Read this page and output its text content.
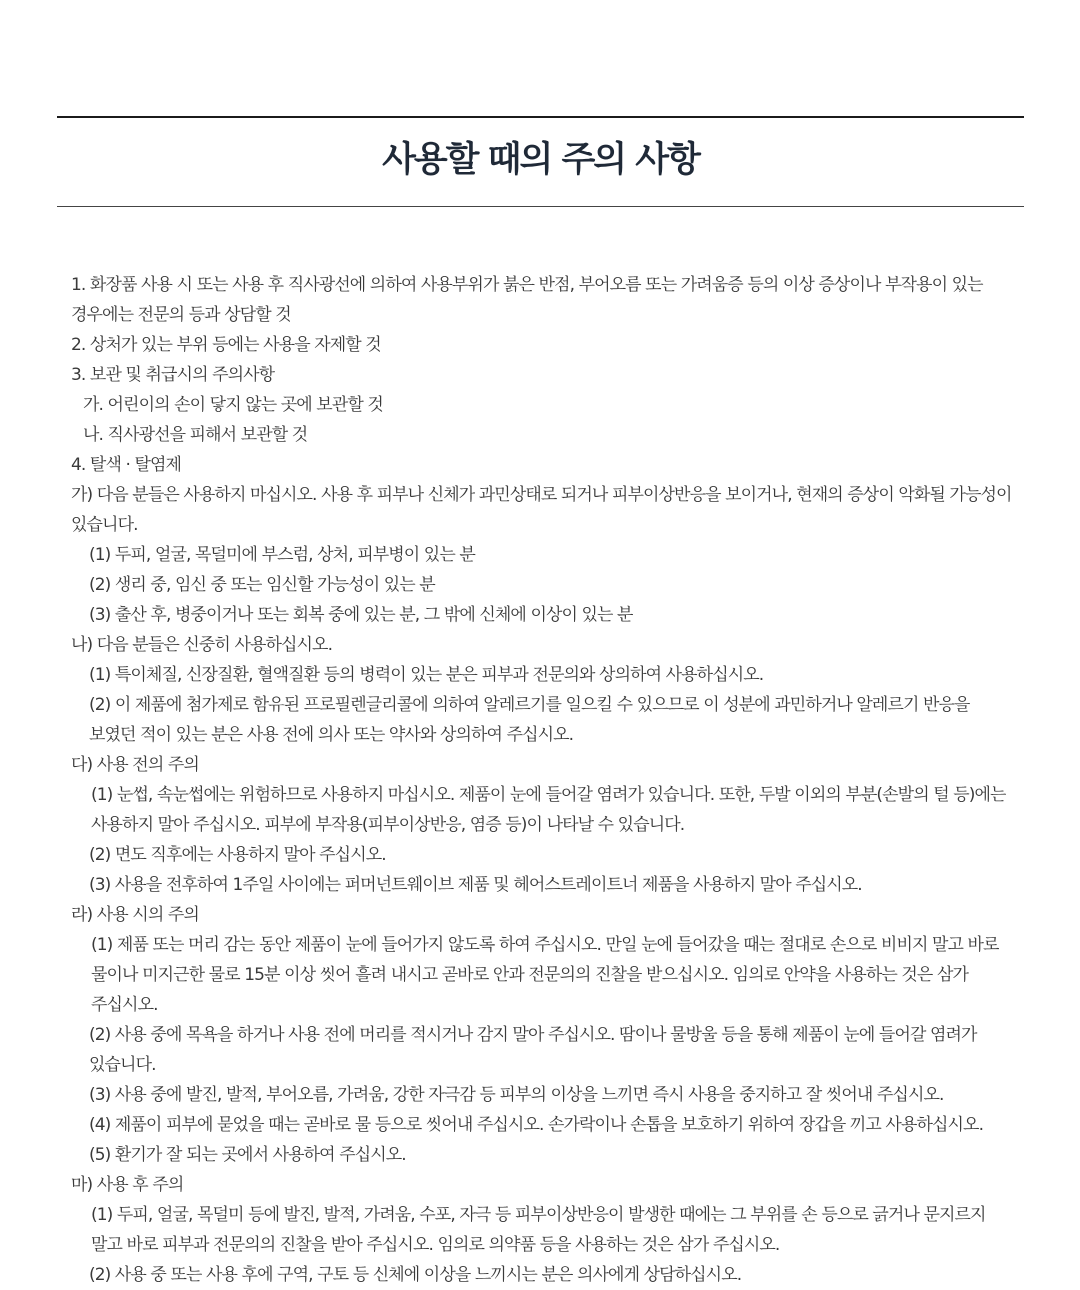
사용할 때의 주의 사항

1. 화장품 사용 시 또는 사용 후 직사광선에 의하여 사용부위가 붉은 반점, 부어오름 또는 가려움증 등의 이상 증상이나 부작용이 있는 경우에는 전문의 등과 상담할 것

2. 상처가 있는 부위 등에는 사용을 자제할 것

3. 보관 및 취급시의 주의사항

가. 어린이의 손이 닿지 않는 곳에 보관할 것

나. 직사광선을 피해서 보관할 것

4. 탈색 · 탈염제

가) 다음 분들은 사용하지 마십시오. 사용 후 피부나 신체가 과민상태로 되거나 피부이상반응을 보이거나, 현재의 증상이 악화될 가능성이 있습니다.

(1) 두피, 얼굴, 목덜미에 부스럼, 상처, 피부병이 있는 분

(2) 생리 중, 임신 중 또는 임신할 가능성이 있는 분

(3) 출산 후, 병중이거나 또는 회복 중에 있는 분, 그 밖에 신체에 이상이 있는 분

나) 다음 분들은 신중히 사용하십시오.

(1) 특이체질, 신장질환, 혈액질환 등의 병력이 있는 분은 피부과 전문의와 상의하여 사용하십시오.

(2) 이 제품에 첨가제로 함유된 프로필렌글리콜에 의하여 알레르기를 일으킬 수 있으므로 이 성분에 과민하거나 알레르기 반응을 보였던 적이 있는 분은 사용 전에 의사 또는 약사와 상의하여 주십시오.

다) 사용 전의 주의

(1) 눈썹, 속눈썹에는 위험하므로 사용하지 마십시오. 제품이 눈에 들어갈 염려가 있습니다. 또한, 두발 이외의 부분(손발의 털 등)에는 사용하지 말아 주십시오. 피부에 부작용(피부이상반응, 염증 등)이 나타날 수 있습니다.

(2) 면도 직후에는 사용하지 말아 주십시오.

(3) 사용을 전후하여 1주일 사이에는 퍼머넌트웨이브 제품 및 헤어스트레이트너 제품을 사용하지 말아 주십시오.

라) 사용 시의 주의

(1) 제품 또는 머리 감는 동안 제품이 눈에 들어가지 않도록 하여 주십시오. 만일 눈에 들어갔을 때는 절대로 손으로 비비지 말고 바로 물이나 미지근한 물로 15분 이상 씻어 흘려 내시고 곧바로 안과 전문의의 진찰을 받으십시오. 임의로 안약을 사용하는 것은 삼가 주십시오.

(2) 사용 중에 목욕을 하거나 사용 전에 머리를 적시거나 감지 말아 주십시오. 땀이나 물방울 등을 통해 제품이 눈에 들어갈 염려가 있습니다.

(3) 사용 중에 발진, 발적, 부어오름, 가려움, 강한 자극감 등 피부의 이상을 느끼면 즉시 사용을 중지하고 잘 씻어내 주십시오.

(4) 제품이 피부에 묻었을 때는 곧바로 물 등으로 씻어내 주십시오. 손가락이나 손톱을 보호하기 위하여 장갑을 끼고 사용하십시오.

(5) 환기가 잘 되는 곳에서 사용하여 주십시오.

마) 사용 후 주의

(1) 두피, 얼굴, 목덜미 등에 발진, 발적, 가려움, 수포, 자극 등 피부이상반응이 발생한 때에는 그 부위를 손 등으로 긁거나 문지르지 말고 바로 피부과 전문의의 진찰을 받아 주십시오. 임의로 의약품 등을 사용하는 것은 삼가 주십시오.

(2) 사용 중 또는 사용 후에 구역, 구토 등 신체에 이상을 느끼시는 분은 의사에게 상담하십시오.
